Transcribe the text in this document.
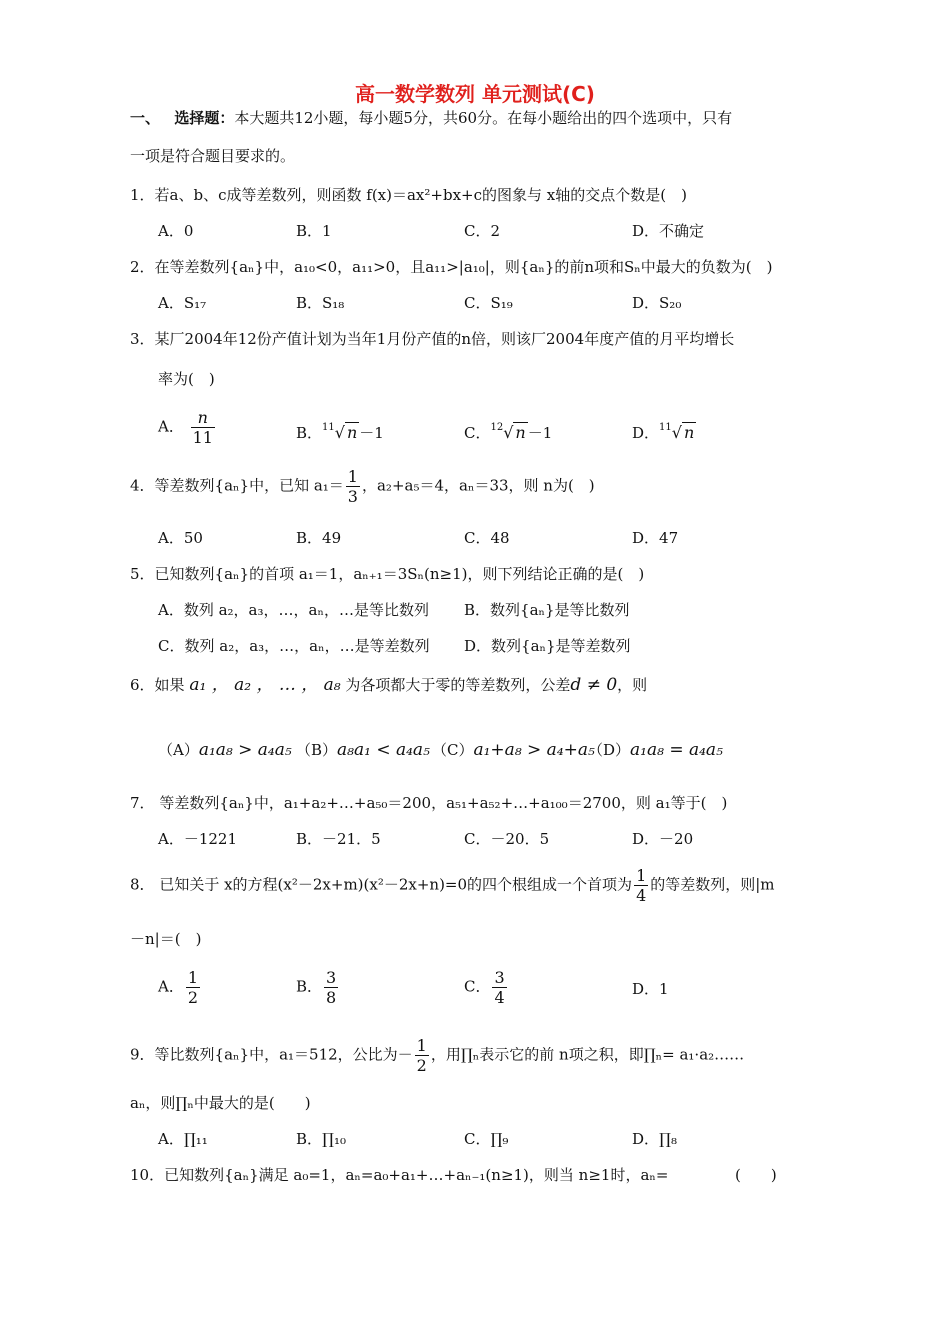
高一数学数列 单元测试(C)
一、 选择题：本大题共12小题，每小题5分，共60分。在每小题给出的四个选项中，只有
一项是符合题目要求的。
1．若a、b、c成等差数列，则函数 f(x)＝ax²+bx+c的图象与 x轴的交点个数是(　)
A．0	B．1	C．2	D．不确定
2．在等差数列{aₙ}中，a₁₀<0，a₁₁>0，且a₁₁>|a₁₀|，则{aₙ}的前n项和Sₙ中最大的负数为(　)
A．S₁₇	B．S₁₈	C．S₁₉	D．S₂₀
3．某厂2004年12份产值计划为当年1月份产值的n倍，则该厂2004年度产值的月平均增长
率为(　)
A． $\frac{n}{11}$	B．$^{11}$√ n －1	C．$^{12}$√ n －1	D．$^{11}$√ n
4．等差数列{aₙ}中，已知 $a_1= \frac{1}{3}$ ，a₂+a₅＝4，aₙ＝33，则 n为(　)
A．50	B．49	C．48	D．47
5．已知数列{aₙ}的首项 a₁＝1，aₙ₊₁＝3Sₙ(n≥1)，则下列结论正确的是(　)
A．数列 a₂，a₃，…，aₙ，…是等比数列 B．数列{aₙ}是等比数列
C．数列 a₂，a₃，…，aₙ，…是等差数列 D．数列{aₙ}是等差数列
6．如果 a₁ ， a₂ ， … ， a₈ 为各项都大于零的等差数列，公差d ≠ 0，则
（A）a₁a₈ > a₄a₅ （B）a₈a₁ < a₄a₅ （C）a₁+a₈ > a₄+a₅
（D）a₁a₈ = a₄a₅
7． 等差数列{aₙ}中，a₁+a₂+…+a₅₀＝200，a₅₁+a₅₂+…+a₁₀₀＝2700，则 a₁等于(　)
A．－1221	B．－21．5	C．－20．5	D．－20
8． 已知关于 x的方程(x²－2x+m)(x²－2x+n)=0的四个根组成一个首项为 $\frac{1}{4}$ 的等差数列，则|m
－n|＝(　)
A． $\frac{1}{2}$	B． $\frac{3}{8}$	C． $\frac{3}{4}$	D．1
9．等比数列{aₙ}中，a₁＝512，公比为－ $\frac{1}{2}$ ，用∏ₙ表示它的前 n项之积，即∏ₙ= a₁·a₂……
aₙ，则∏ₙ中最大的是(　　)
A．∏₁₁	B．∏₁₀	C．∏₉	D．∏₈
10．已知数列{aₙ}满足 a₀=1，aₙ=a₀+a₁+…+aₙ₋₁(n≥1)，则当 n≥1时，aₙ=	(　　)
